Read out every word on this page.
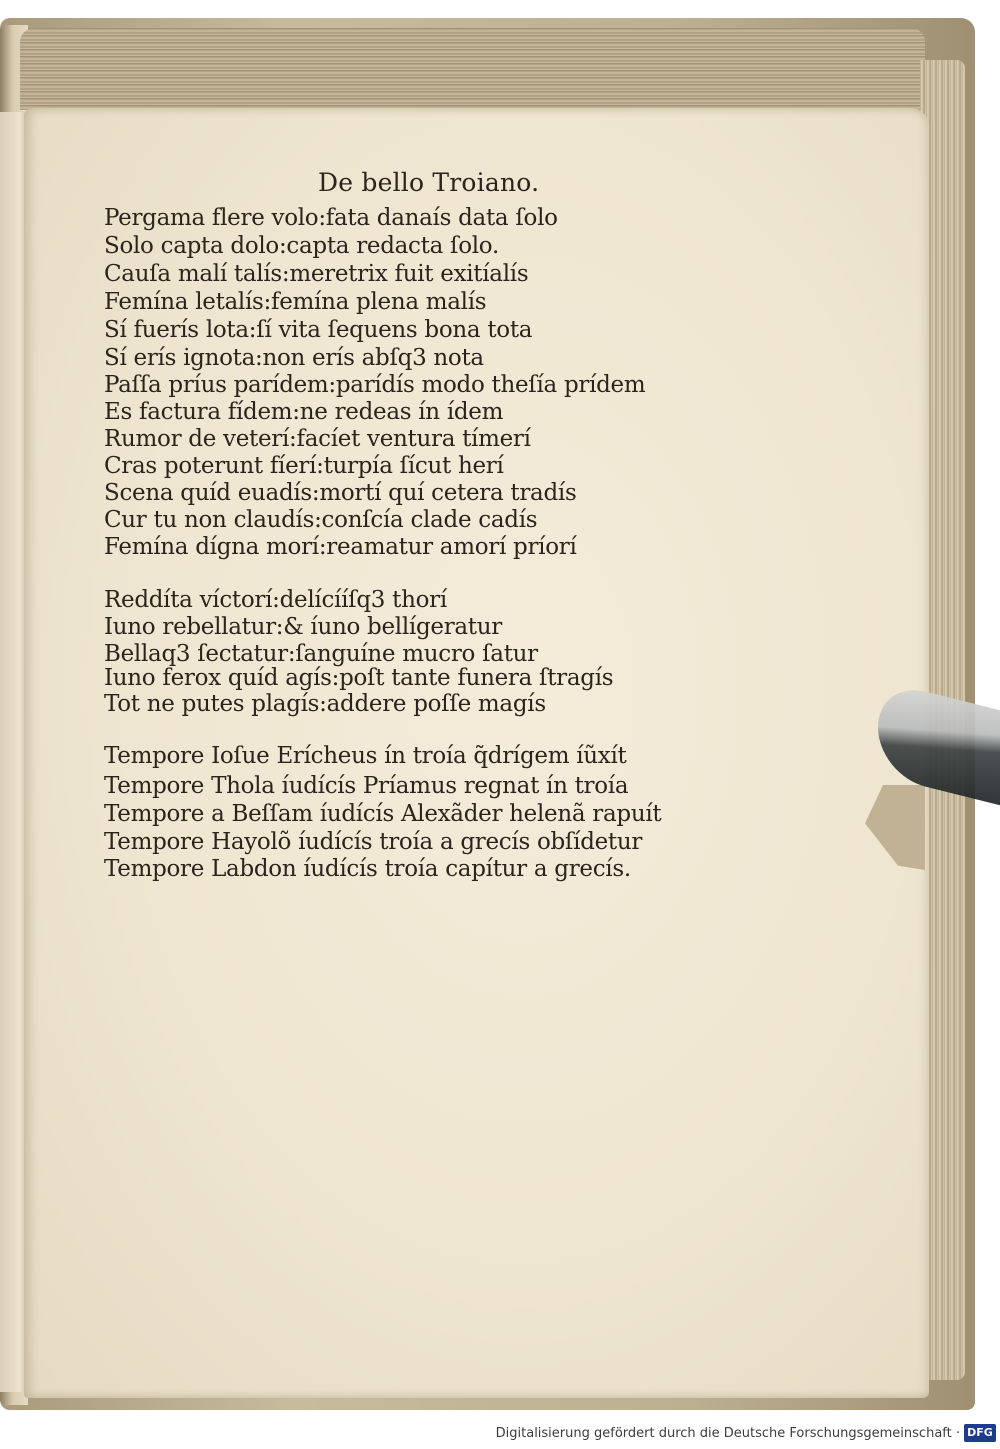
De bello Troiano.
Pergama flere volo:fata danaís data ſolo
Solo capta dolo:capta redacta ſolo.
Cauſa malí talís:meretrix fuit exitíalís
Femína letalís:femína plena malís
Sí fuerís lota:ſí vita ſequens bona tota
Sí erís ignota:non erís abſq3 nota
Paſſa príus parídem:parídís modo theſía prídem
Es factura fídem:ne redeas ín ídem
Rumor de veterí:facíet ventura tímerí
Cras poterunt fíerí:turpía ſícut herí
Scena quíd euadís:mortí quí cetera tradís
Cur tu non claudís:conſcía clade cadís
Femína dígna morí:reamatur amorí príorí
Reddíta víctorí:delícííſq3 thorí
Iuno rebellatur:& íuno bellígeratur
Bellaq3 ſectatur:ſanguíne mucro ſatur
Iuno ferox quíd agís:poſt tante funera ſtragís
Tot ne putes plagís:addere poſſe magís
Tempore Ioſue Erícheus ín troía q̃drígem íũxít
Tempore Thola íudícís Príamus regnat ín troía
Tempore a Beſſam íudícís Alexãder helenã rapuít
Tempore Hayolõ íudícís troía a grecís obſídetur
Tempore Labdon íudícís troía capítur a grecís.
Digitalisierung gefördert durch die Deutsche Forschungsgemeinschaft · DFG
